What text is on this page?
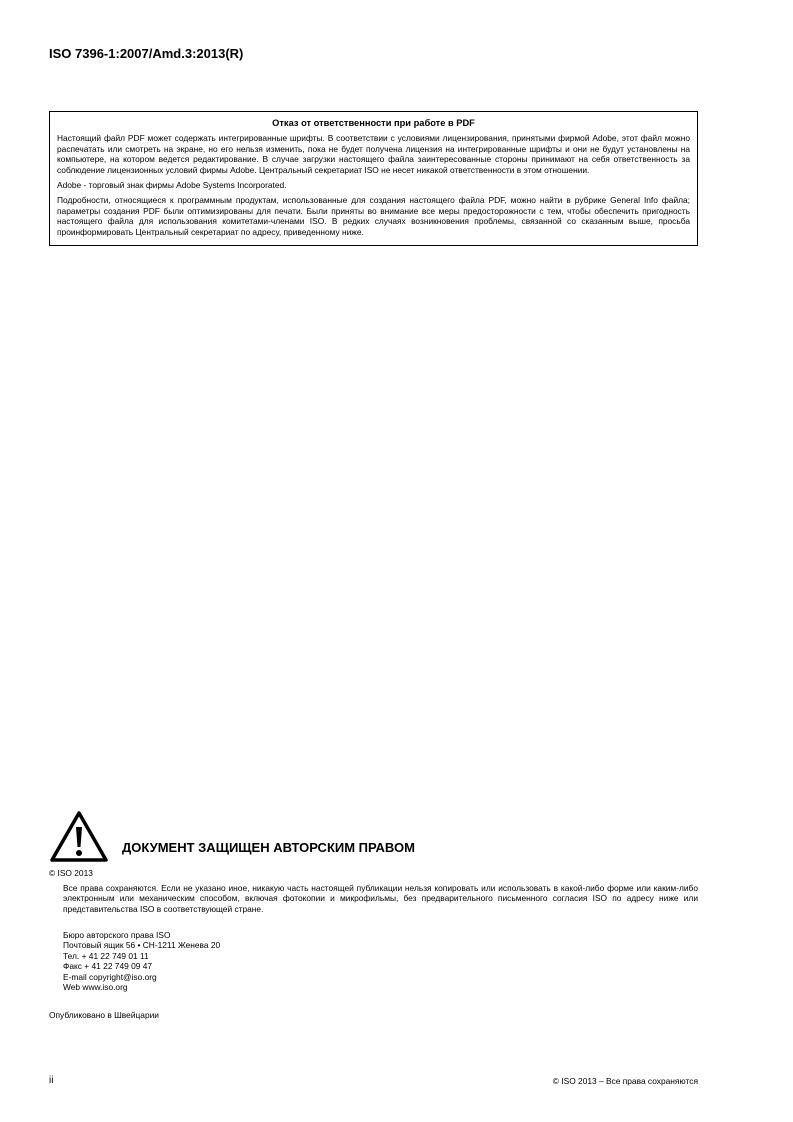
ISO 7396-1:2007/Amd.3:2013(R)
Отказ от ответственности при работе в PDF

Настоящий файл PDF может содержать интегрированные шрифты. В соответствии с условиями лицензирования, принятыми фирмой Adobe, этот файл можно распечатать или смотреть на экране, но его нельзя изменить, пока не будет получена лицензия на интегрированные шрифты и они не будут установлены на компьютере, на котором ведется редактирование. В случае загрузки настоящего файла заинтересованные стороны принимают на себя ответственность за соблюдение лицензионных условий фирмы Adobe. Центральный секретариат ISO не несет никакой ответственности в этом отношении.

Adobe - торговый знак фирмы Adobe Systems Incorporated.

Подробности, относящиеся к программным продуктам, использованные для создания настоящего файла PDF, можно найти в рубрике General Info файла; параметры создания PDF были оптимизированы для печати. Были приняты во внимание все меры предосторожности с тем, чтобы обеспечить пригодность настоящего файла для использования комитетами-членами ISO. В редких случаях возникновения проблемы, связанной со сказанным выше, просьба проинформировать Центральный секретариат по адресу, приведенному ниже.

ДОКУМЕНТ ЗАЩИЩЕН АВТОРСКИМ ПРАВОМ
© ISO 2013
Все права сохраняются. Если не указано иное, никакую часть настоящей публикации нельзя копировать или использовать в какой-либо форме или каким-либо электронным или механическим способом, включая фотокопии и микрофильмы, без предварительного письменного согласия ISO по адресу ниже или представительства ISO в соответствующей стране.
Бюро авторского права ISO
Почтовый ящик 56 • CH-1211 Женева 20
Тел. + 41 22 749 01 11
Факс + 41 22 749 09 47
E-mail copyright@iso.org
Web www.iso.org
Опубликовано в Швейцарии
ii	© ISO 2013 – Все права сохраняются
